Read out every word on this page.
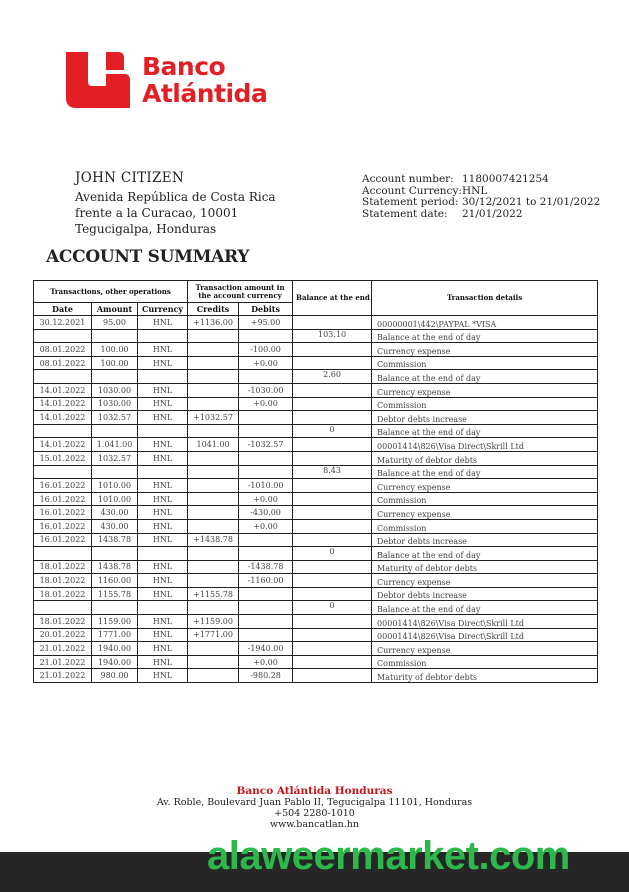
Banco
Atlántida
JOHN CITIZEN
Avenida República de Costa Rica
frente a la Curacao, 10001
Tegucigalpa, Honduras
Account number: 1180007421254
Account Currency: HNL
Statement period: 30/12/2021 to 21/01/2022
Statement date:	21/01/2022
ACCOUNT SUMMARY
Transactions, other operations			Transaction amount in the account currency		Balance at the end	Transaction details
Date	Amount	Currency	Credits	Debits		
30.12.2021	95.00	HNL	+1136.00	+95.00		00000001\442\PAYPAL *VISA
					103.10	Balance at the end of day
08.01.2022	100.00	HNL		-100.00		Currency expense
08.01.2022	100.00	HNL		+0.00		Commission
					2.60	Balance at the end of day
14.01.2022	1030.00	HNL		-1030.00		Currency expense
14.01.2022	1030.00	HNL		+0.00		Commission
14.01.2022	1032.57	HNL	+1032.57			Debtor debts increase
					0	Balance at the end of day
14.01.2022	1.041.00	HNL	1041.00	-1032.57		00001414\826\Visa Direct\Skrill Ltd
15.01.2022	1032.57	HNL				Maturity of debtor debts
					8.43	Balance at the end of day
16.01.2022	1010.00	HNL		-1010.00		Currency expense
16.01.2022	1010.00	HNL		+0.00		Commission
16.01.2022	430.00	HNL		-430.00		Currency expense
16.01.2022	430.00	HNL		+0.00		Commission
16.01.2022	1438.78	HNL	+1438.78			Debtor debts increase
					0	Balance at the end of day
18.01.2022	1438.78	HNL		-1438.78		Maturity of debtor debts
18.01.2022	1160.00	HNL		-1160.00		Currency expense
18.01.2022	1155.78	HNL	+1155.78			Debtor debts increase
					0	Balance at the end of day
18.01.2022	1159.00	HNL	+1159.00			00001414\826\Visa Direct\Skrill Ltd
20.01.2022	1771.00	HNL	+1771.00			00001414\826\Visa Direct\Skrill Ltd
21.01.2022	1940.00	HNL		-1940.00		Currency expense
21.01.2022	1940.00	HNL		+0.00		Commission
21.01.2022	980.00	HNL		-980.28		Maturity of debtor debts
Banco Atlántida Honduras
Av. Roble, Boulevard Juan Pablo II, Tegucigalpa 11101, Honduras
+504 2280-1010
www.bancatlan.hn
alaweermarket.com
